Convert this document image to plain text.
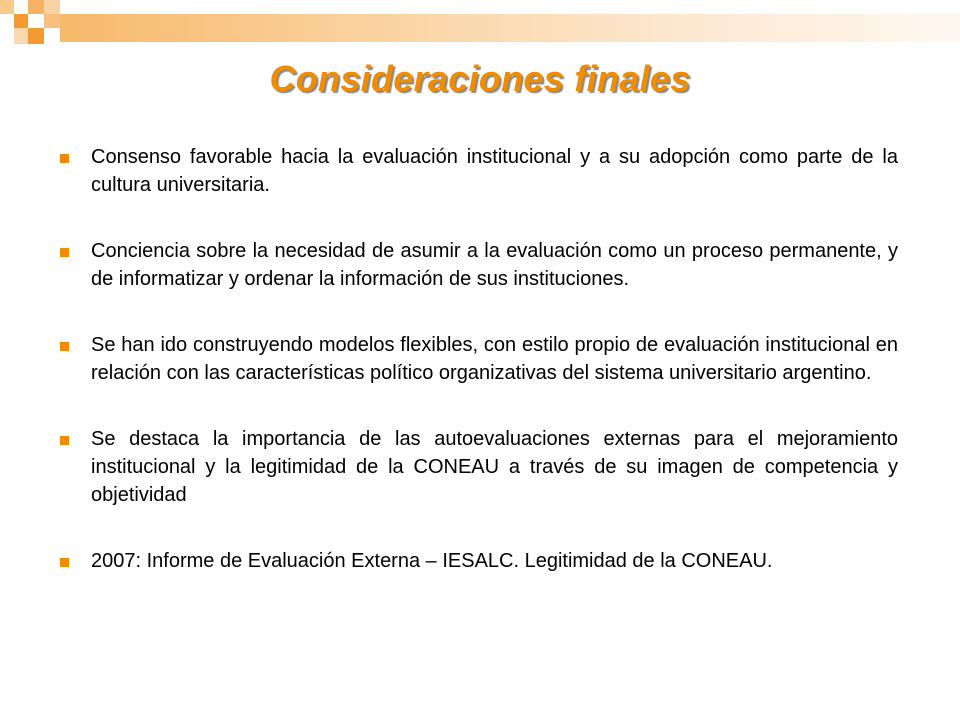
Consideraciones finales
Consenso favorable hacia la evaluación institucional y a su adopción como parte de la cultura universitaria.
Conciencia sobre la necesidad de asumir a la evaluación como un proceso permanente, y de informatizar y ordenar la información de sus instituciones.
Se han ido construyendo modelos flexibles, con estilo propio de evaluación institucional en relación con las características político organizativas del sistema universitario argentino.
Se destaca la importancia de las autoevaluaciones externas para el mejoramiento institucional y la legitimidad de la CONEAU a través de su imagen de competencia y objetividad
2007: Informe de Evaluación Externa – IESALC. Legitimidad de la CONEAU.
